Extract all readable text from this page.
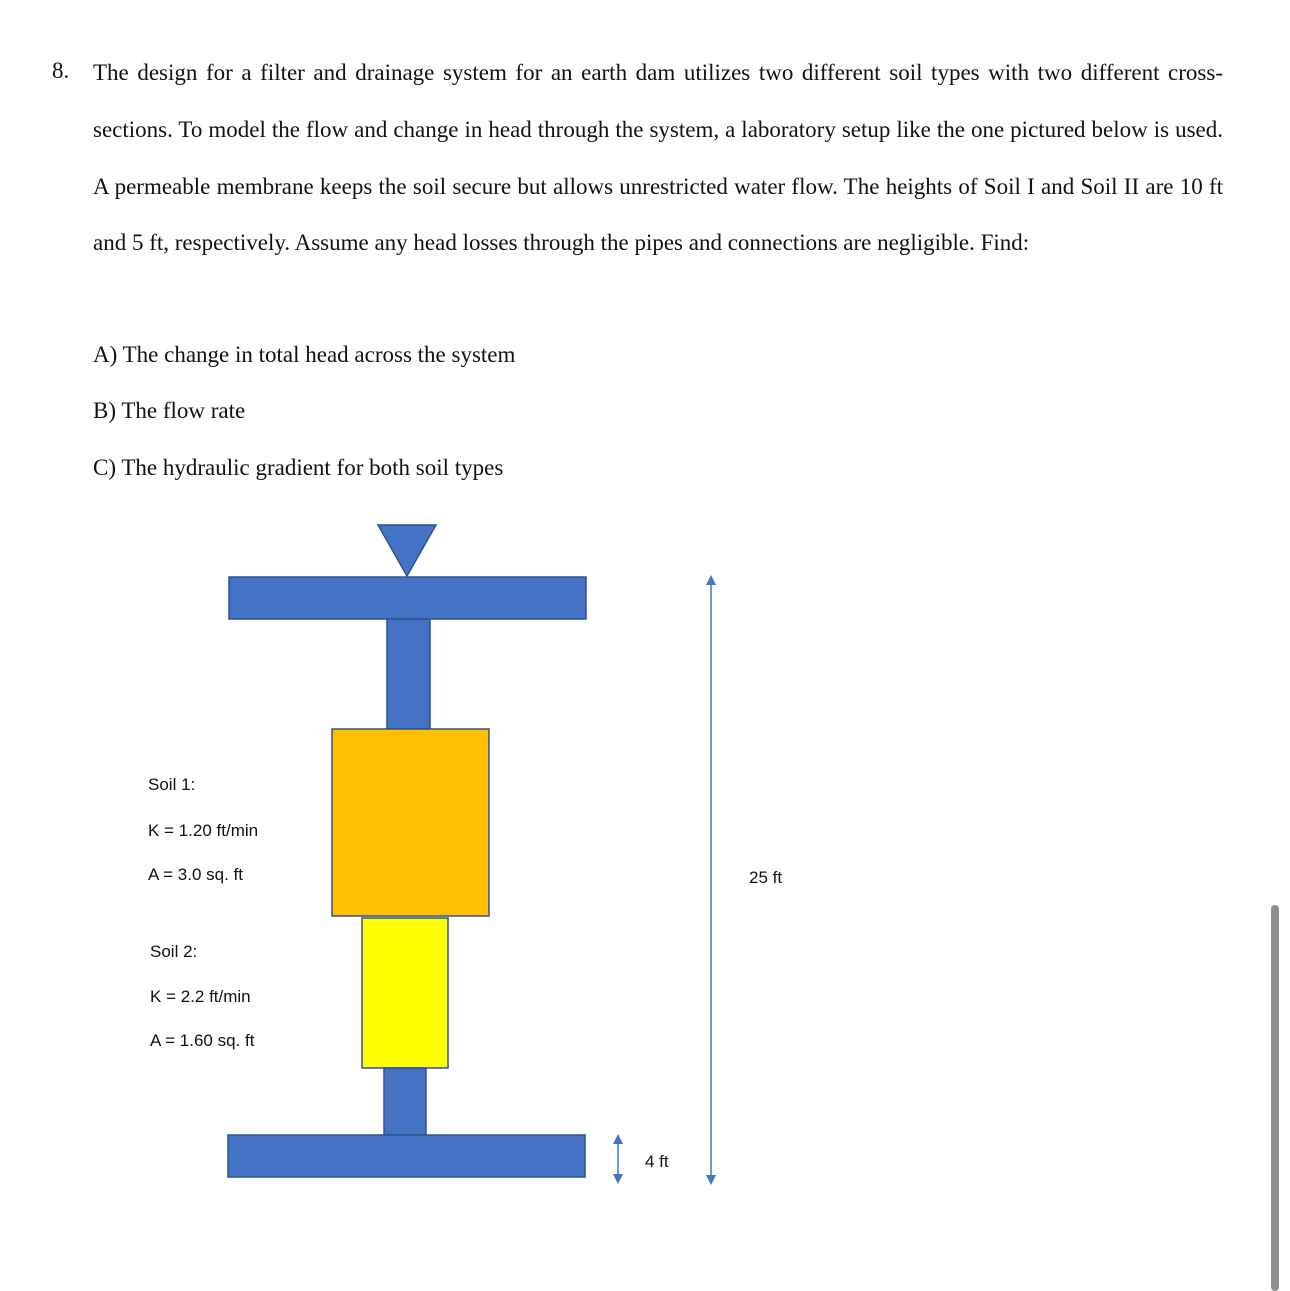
8. The design for a filter and drainage system for an earth dam utilizes two different soil types with two different cross-sections. To model the flow and change in head through the system, a laboratory setup like the one pictured below is used. A permeable membrane keeps the soil secure but allows unrestricted water flow. The heights of Soil I and Soil II are 10 ft and 5 ft, respectively. Assume any head losses through the pipes and connections are negligible. Find:

A) The change in total head across the system
B) The flow rate
C) The hydraulic gradient for both soil types
Soil 1:
K = 1.20 ft/min
A = 3.0 sq. ft
Soil 2:
K = 2.2 ft/min
A = 1.60 sq. ft
25 ft
4 ft
